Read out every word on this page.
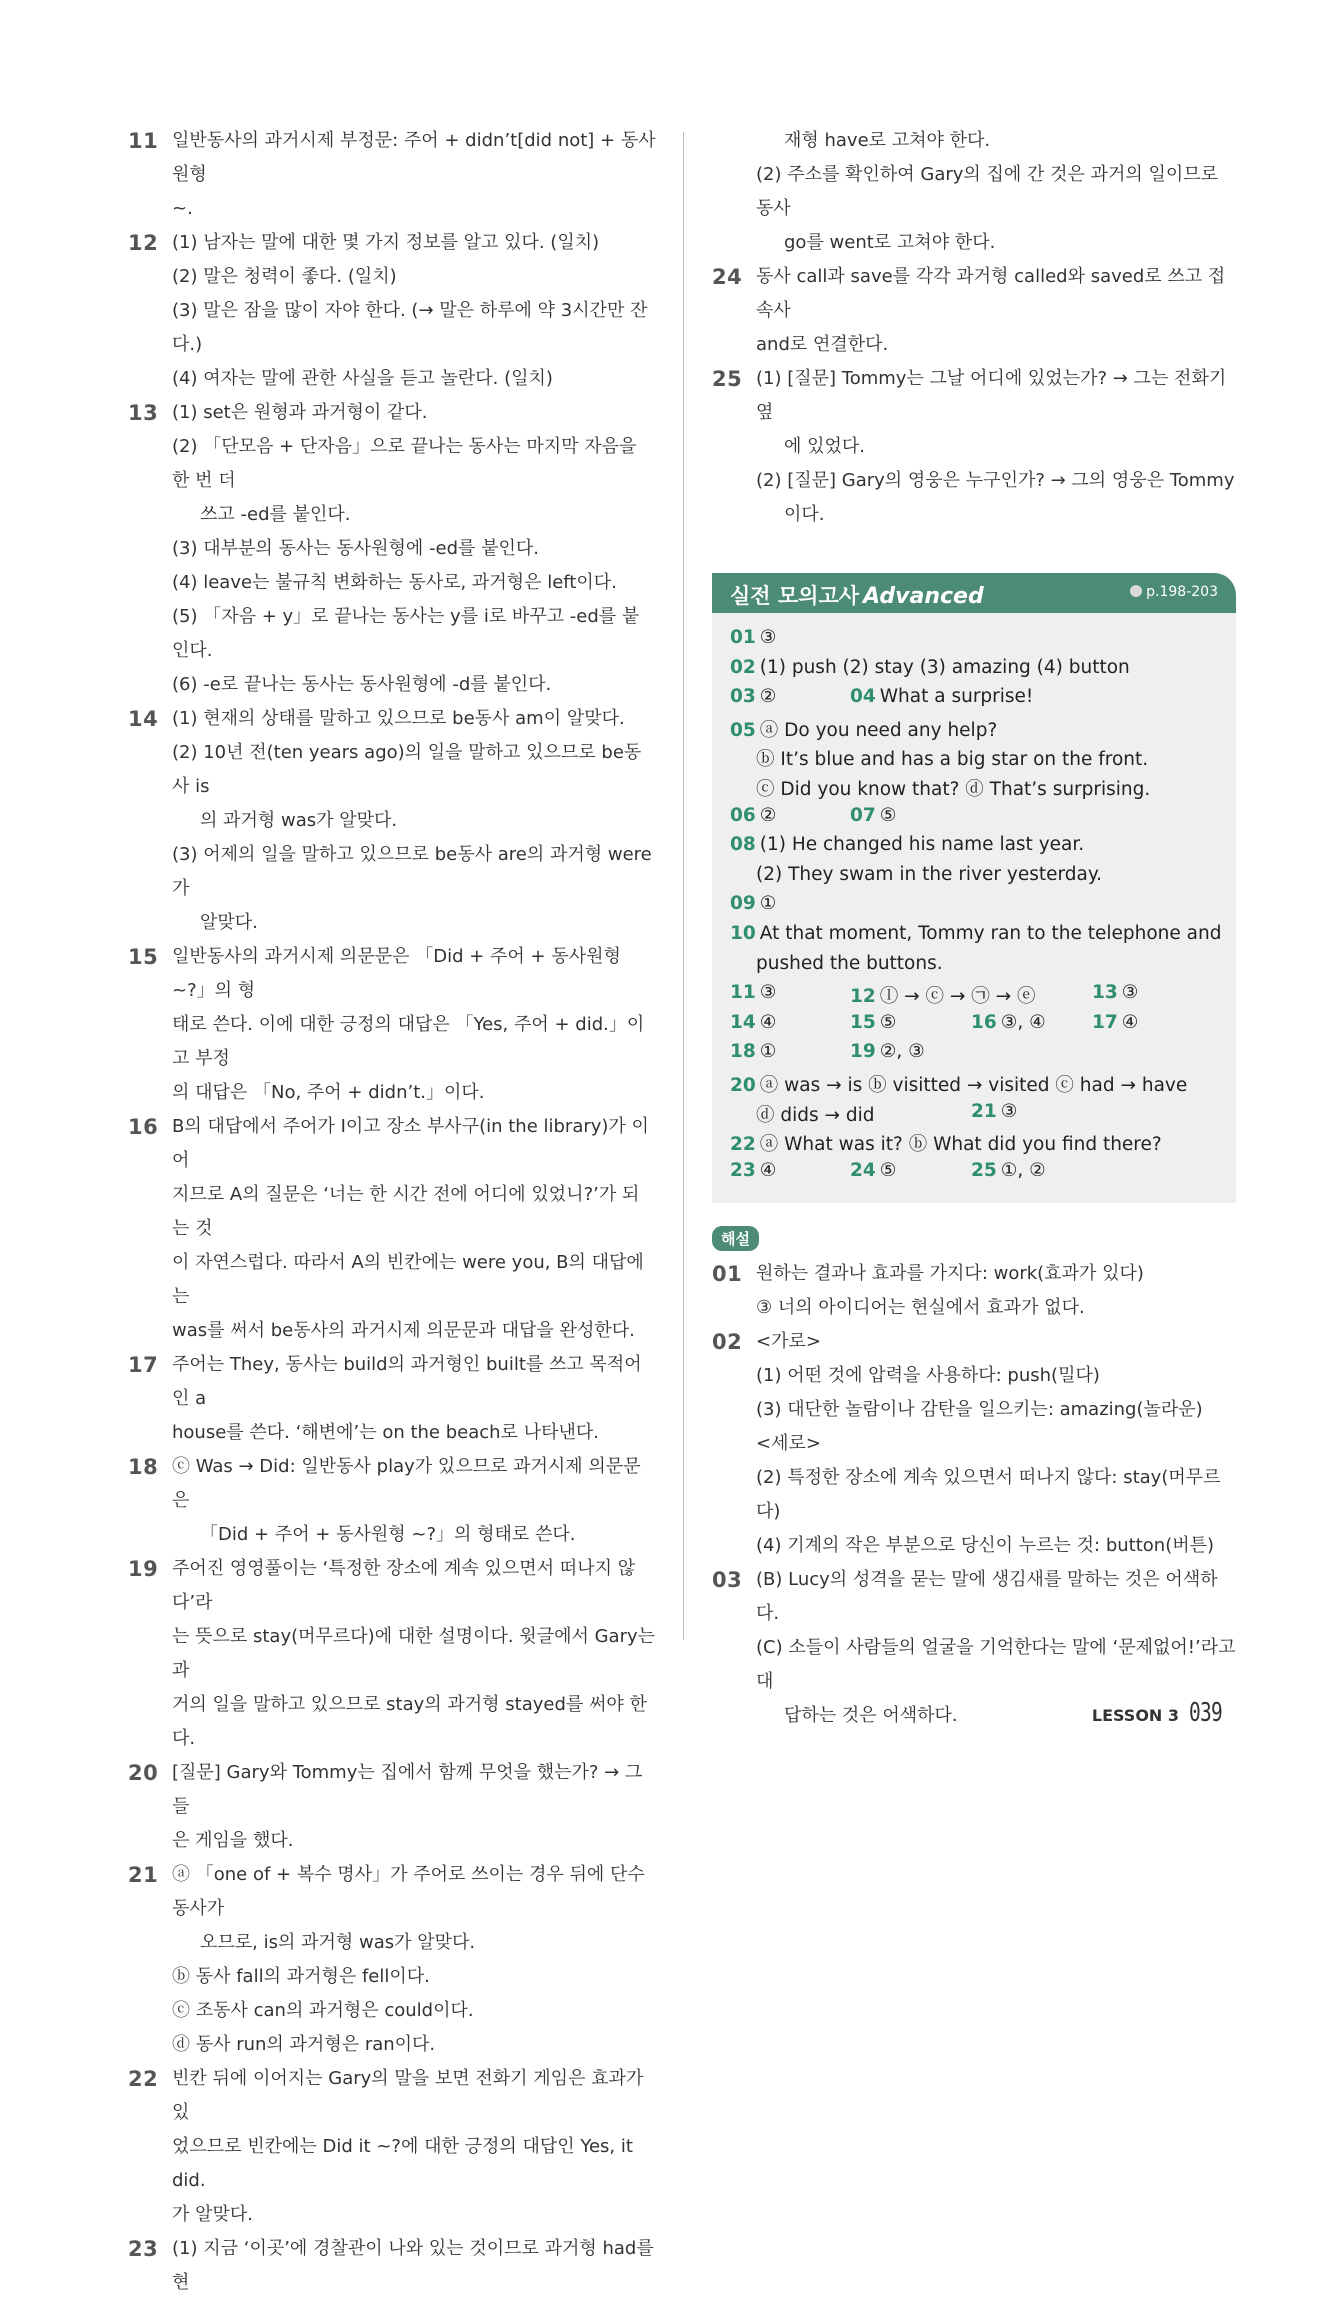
11 일반동사의 과거시제 부정문: 주어 + didn’t[did not] + 동사원형
~.
12 (1) 남자는 말에 대한 몇 가지 정보를 알고 있다. (일치)
(2) 말은 청력이 좋다. (일치)
(3) 말은 잠을 많이 자야 한다. (→ 말은 하루에 약 3시간만 잔다.)
(4) 여자는 말에 관한 사실을 듣고 놀란다. (일치)
13 (1) set은 원형과 과거형이 같다.
(2) 「단모음 + 단자음」으로 끝나는 동사는 마지막 자음을 한 번 더
쓰고 -ed를 붙인다.
(3) 대부분의 동사는 동사원형에 -ed를 붙인다.
(4) leave는 불규칙 변화하는 동사로, 과거형은 left이다.
(5) 「자음 + y」로 끝나는 동사는 y를 i로 바꾸고 -ed를 붙인다.
(6) -e로 끝나는 동사는 동사원형에 -d를 붙인다.
14 (1) 현재의 상태를 말하고 있으므로 be동사 am이 알맞다.
(2) 10년 전(ten years ago)의 일을 말하고 있으므로 be동사 is
의 과거형 was가 알맞다.
(3) 어제의 일을 말하고 있으므로 be동사 are의 과거형 were가
알맞다.
15 일반동사의 과거시제 의문문은 「Did + 주어 + 동사원형 ~?」의 형
태로 쓴다. 이에 대한 긍정의 대답은 「Yes, 주어 + did.」이고 부정
의 대답은 「No, 주어 + didn’t.」이다.
16 B의 대답에서 주어가 I이고 장소 부사구(in the library)가 이어
지므로 A의 질문은 ‘너는 한 시간 전에 어디에 있었니?’가 되는 것
이 자연스럽다. 따라서 A의 빈칸에는 were you, B의 대답에는
was를 써서 be동사의 과거시제 의문문과 대답을 완성한다.
17 주어는 They, 동사는 build의 과거형인 built를 쓰고 목적어인 a
house를 쓴다. ‘해변에’는 on the beach로 나타낸다.
18 ⓒ Was → Did: 일반동사 play가 있으므로 과거시제 의문문은
「Did + 주어 + 동사원형 ~?」의 형태로 쓴다.
19 주어진 영영풀이는 ‘특정한 장소에 계속 있으면서 떠나지 않다’라
는 뜻으로 stay(머무르다)에 대한 설명이다. 윗글에서 Gary는 과
거의 일을 말하고 있으므로 stay의 과거형 stayed를 써야 한다.
20 [질문] Gary와 Tommy는 집에서 함께 무엇을 했는가? → 그들
은 게임을 했다.
21 ⓐ 「one of + 복수 명사」가 주어로 쓰이는 경우 뒤에 단수 동사가
오므로, is의 과거형 was가 알맞다.
ⓑ 동사 fall의 과거형은 fell이다.
ⓒ 조동사 can의 과거형은 could이다.
ⓓ 동사 run의 과거형은 ran이다.
22 빈칸 뒤에 이어지는 Gary의 말을 보면 전화기 게임은 효과가 있
었으므로 빈칸에는 Did it ~?에 대한 긍정의 대답인 Yes, it did.
가 알맞다.
23 (1) 지금 ‘이곳’에 경찰관이 나와 있는 것이므로 과거형 had를 현
재형 have로 고쳐야 한다.
(2) 주소를 확인하여 Gary의 집에 간 것은 과거의 일이므로 동사
go를 went로 고쳐야 한다.
24 동사 call과 save를 각각 과거형 called와 saved로 쓰고 접속사
and로 연결한다.
25 (1) [질문] Tommy는 그날 어디에 있었는가? → 그는 전화기 옆
에 있었다.
(2) [질문] Gary의 영웅은 누구인가? → 그의 영웅은 Tommy
이다.
실전 모의고사 Advanced	p.198-203
01 ③
02 (1) push (2) stay (3) amazing (4) button
03 ②	04 What a surprise!
05 ⓐ Do you need any help?
ⓑ It’s blue and has a big star on the front.
ⓒ Did you know that? ⓓ That’s surprising.
06 ②	07 ⑤
08 (1) He changed his name last year.
(2) They swam in the river yesterday.
09 ①
10 At that moment, Tommy ran to the telephone and
pushed the buttons.
11 ③	12 ⓛ → ⓒ → ㉠ → ⓔ	13 ③
14 ④	15 ⑤	16 ③, ④	17 ④
18 ①	19 ②, ③
20 ⓐ was → is ⓑ visitted → visited ⓒ had → have
ⓓ dids → did	21 ③
22 ⓐ What was it? ⓑ What did you find there?
23 ④	24 ⑤	25 ①, ②
해설
01 원하는 결과나 효과를 가지다: work(효과가 있다)
③ 너의 아이디어는 현실에서 효과가 없다.
02 <가로>
(1) 어떤 것에 압력을 사용하다: push(밀다)
(3) 대단한 놀람이나 감탄을 일으키는: amazing(놀라운)
<세로>
(2) 특정한 장소에 계속 있으면서 떠나지 않다: stay(머무르다)
(4) 기계의 작은 부분으로 당신이 누르는 것: button(버튼)
03 (B) Lucy의 성격을 묻는 말에 생김새를 말하는 것은 어색하다.
(C) 소들이 사람들의 얼굴을 기억한다는 말에 ‘문제없어!’라고 대
답하는 것은 어색하다.	LESSON 3 039
